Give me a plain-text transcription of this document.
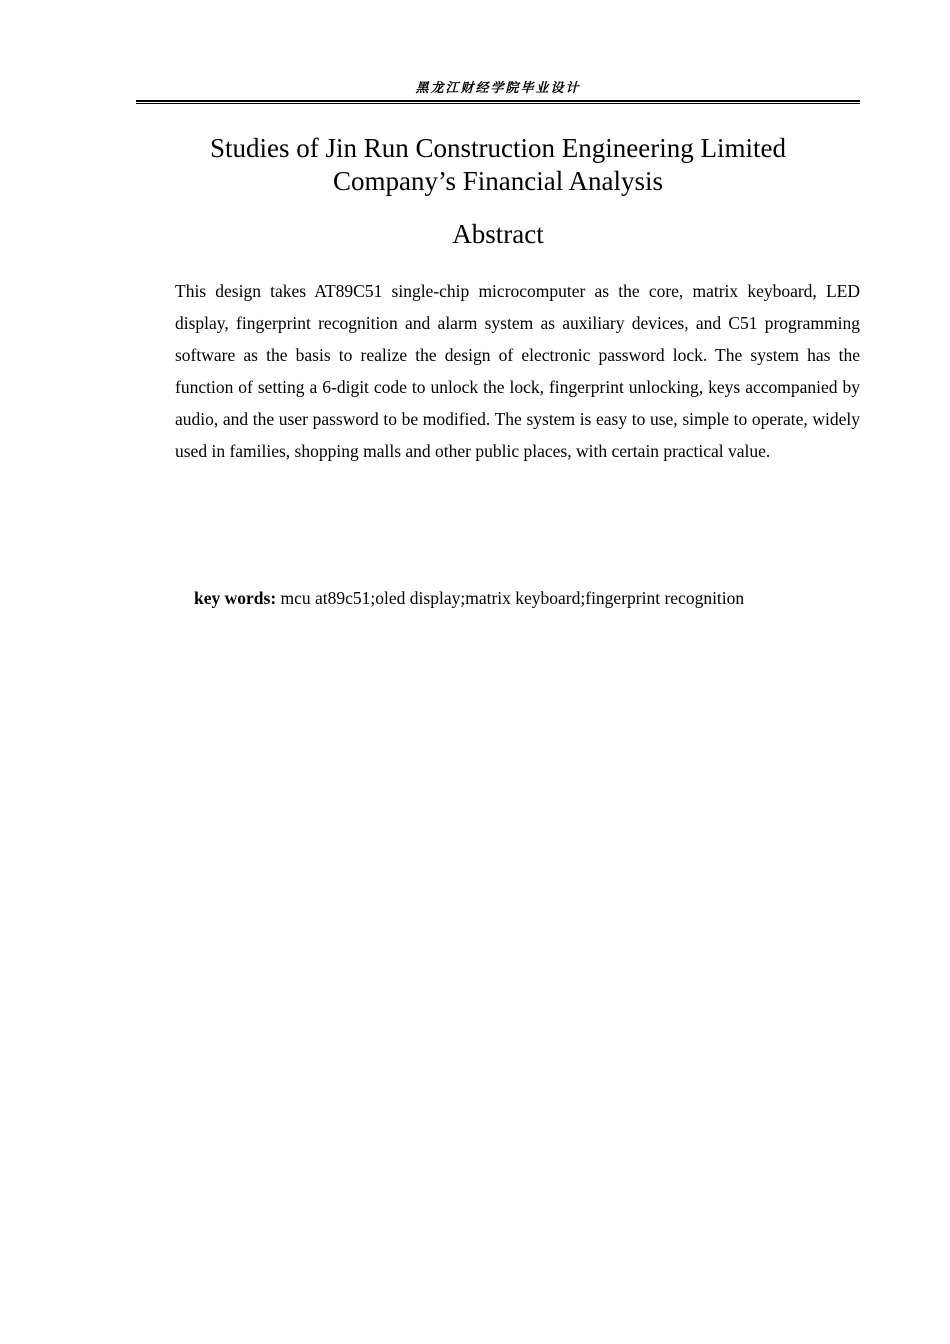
黑龙江财经学院毕业设计
Studies of Jin Run Construction Engineering Limited
Company’s Financial Analysis
Abstract

This design takes AT89C51 single-chip microcomputer as the core, matrix keyboard, LED display, fingerprint recognition and alarm system as auxiliary devices, and C51 programming software as the basis to realize the design of electronic password lock. The system has the function of setting a 6-digit code to unlock the lock, fingerprint unlocking, keys accompanied by audio, and the user password to be modified. The system is easy to use, simple to operate, widely used in families, shopping malls and other public places, with certain practical value.

key words: mcu at89c51;oled display;matrix keyboard;fingerprint recognition
